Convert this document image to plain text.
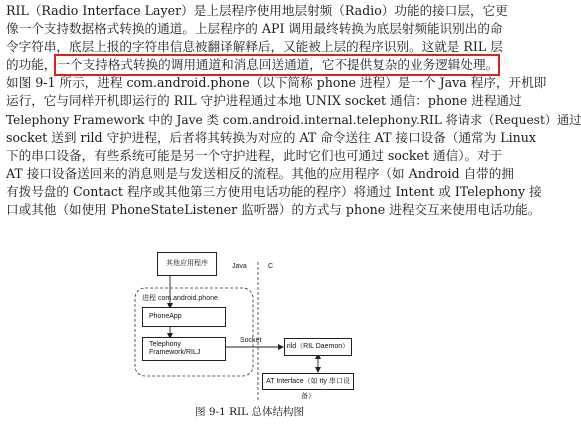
RIL（Radio Interface Layer）是上层程序使用地层射频（Radio）功能的接口层，它更
像一个支持数据格式转换的通道。上层程序的 API 调用最终转换为底层射频能识别出的命
令字符串，底层上报的字符串信息被翻译解释后，又能被上层的程序识别。这就是 RIL 层
的功能， 一个支持格式转换的调用通道和消息回送通道，它不提供复杂的业务逻辑处理。
如图 9-1 所示，进程 com.android.phone（以下简称 phone 进程）是一个 Java 程序，开机即
运行，它与同样开机即运行的 RIL 守护进程通过本地 UNIX socket 通信：phone 进程通过
Telephony Framework 中的 Jave 类 com.android.internal.telephony.RIL 将请求（Request）通过
socket 送到 rild 守护进程，后者将其转换为对应的 AT 命令送往 AT 接口设备（通常为 Linux
下的串口设备，有些系统可能是另一个守护进程，此时它们也可通过 socket 通信）。对于
AT 接口设备送回来的消息则是与发送相反的流程。其他的应用程序（如 Android 自带的拥
有拨号盘的 Contact 程序或其他第三方使用电话功能的程序）将通过 Intent 或 ITelephony 接
口或其他（如使用 PhoneStateListener 监听器）的方式与 phone 进程交互来使用电话功能。
其他应用程序	Java	C
进程 com.android.phone
PhoneApp
Telephony
Framework/RILJ
Socket
rild（RIL Daemon）
AT Interface（如 tty 串口设备）
图 9-1 RIL 总体结构图
